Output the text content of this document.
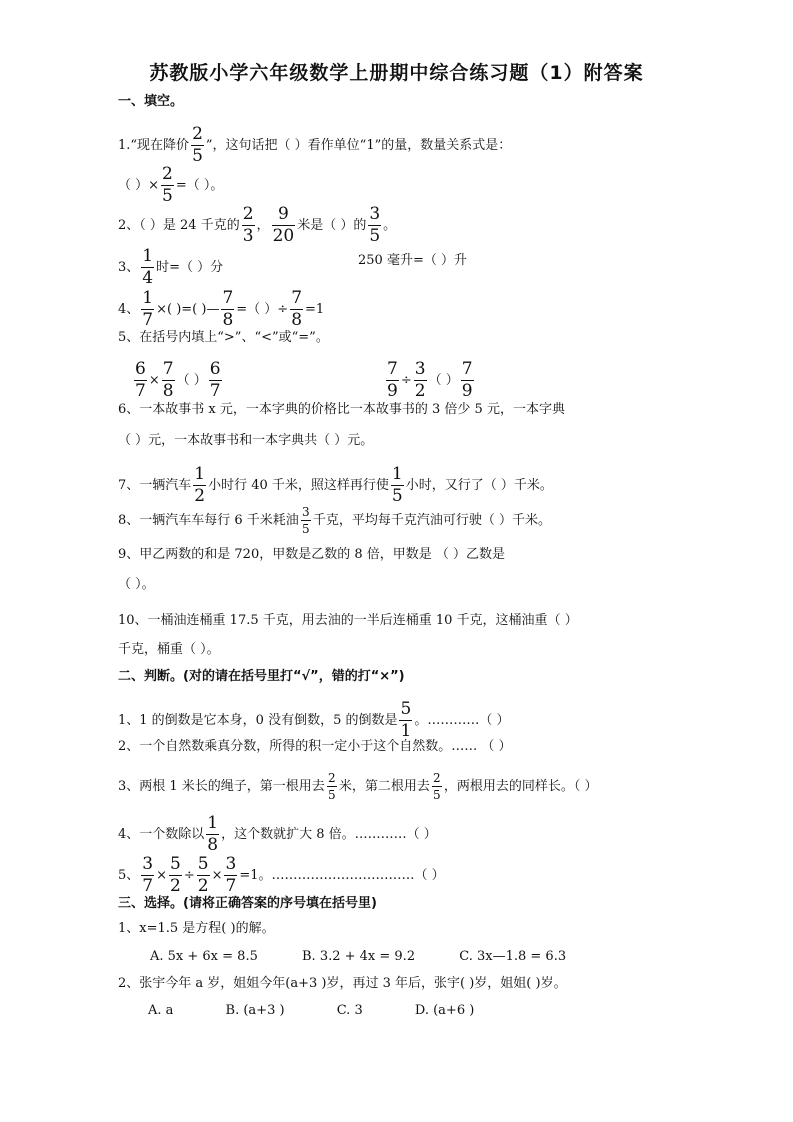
苏教版小学六年级数学上册期中综合练习题（1）附答案
一、填空。
1.“现在降价 $\frac{2}{5}$ ”，这句话把（ ）看作单位“1”的量，数量关系式是：
（ ）× $\frac{2}{5}$ =（ ）。
2、（ ）是 24 千克的 $\frac{2}{3}$ ， $\frac{9}{20}$ 米是（ ）的 $\frac{3}{5}$ 。
3、 $\frac{1}{4}$ 时=（ ）分	250 毫升=（ ）升
4、 $\frac{1}{7}$ ×( )=( )— $\frac{7}{8}$ =（ ）÷ $\frac{7}{8} =1$
5、在括号内填上“>”、“<”或“=”。
$\frac{6}{7} \times \frac{7}{8}$ （ ） $\frac{6}{7}$	$\frac{7}{9} \div \frac{3}{2}$ （ ） $\frac{7}{9}$
6、一本故事书 x 元，一本字典的价格比一本故事书的 3 倍少 5 元，一本字典
（ ）元，一本故事书和一本字典共（ ）元。
7、一辆汽车 $\frac{1}{2}$ 小时行 40 千米，照这样再行使 $\frac{1}{5}$ 小时，又行了（ ）千米。
8、一辆汽车车每行 6 千米耗油 $\frac{3}{5}$ 千克，平均每千克汽油可行驶（ ）千米。
9、甲乙两数的和是 720，甲数是乙数的 8 倍，甲数是 （ ）乙数是
（ ）。
10、一桶油连桶重 17.5 千克，用去油的一半后连桶重 10 千克，这桶油重（ ）
千克，桶重（ ）。
二、判断。(对的请在括号里打“√”，错的打“×”)
1、1 的倒数是它本身，0 没有倒数，5 的倒数是 $\frac{5}{1}$ 。…………（ ）
2、一个自然数乘真分数，所得的积一定小于这个自然数。…… （ ）
3、两根 1 米长的绳子，第一根用去 $\frac{2}{5}$ 米，第二根用去 $\frac{2}{5}$ ，两根用去的同样长。（ ）
4、一个数除以 $\frac{1}{8}$ ，这个数就扩大 8 倍。…………（ ）
5、 $\frac{3}{7} \times \frac{5}{2} \div \frac{5}{2} \times \frac{3}{7} =1$。……………………………（ ）
三、选择。(请将正确答案的序号填在括号里)
1、x=1.5 是方程( )的解。
A. 5x + 6x = 8.5	B. 3.2 + 4x = 9.2	C. 3x—1.8 = 6.3
2、张宇今年 a 岁，姐姐今年(a+3 )岁，再过 3 年后，张宇( )岁，姐姐( )岁。
A. a	B. (a+3 )	C. 3	D. (a+6 )
